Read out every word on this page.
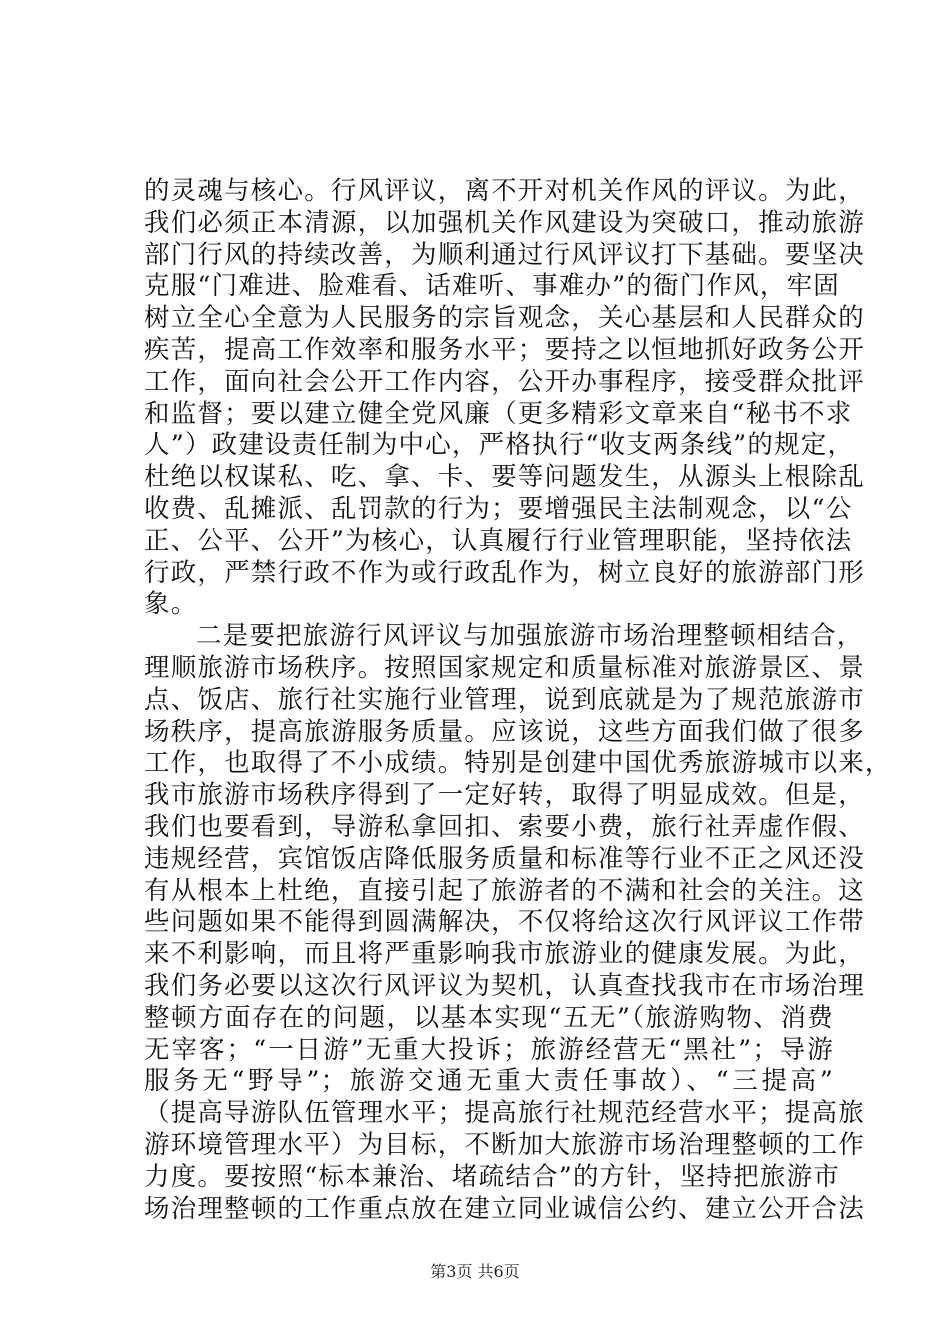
的灵魂与核心。行风评议，离不开对机关作风的评议。为此，
我们必须正本清源，以加强机关作风建设为突破口，推动旅游
部门行风的持续改善，为顺利通过行风评议打下基础。要坚决
克服“门难进、脸难看、话难听、事难办”的衙门作风，牢固
树立全心全意为人民服务的宗旨观念，关心基层和人民群众的
疾苦，提高工作效率和服务水平；要持之以恒地抓好政务公开
工作，面向社会公开工作内容，公开办事程序，接受群众批评
和监督；要以建立健全党风廉（更多精彩文章来自“秘书不求
人”）政建设责任制为中心，严格执行“收支两条线”的规定，
杜绝以权谋私、吃、拿、卡、要等问题发生，从源头上根除乱
收费、乱摊派、乱罚款的行为；要增强民主法制观念，以“公
正、公平、公开”为核心，认真履行行业管理职能，坚持依法
行政，严禁行政不作为或行政乱作为，树立良好的旅游部门形
象。
二是要把旅游行风评议与加强旅游市场治理整顿相结合，
理顺旅游市场秩序。按照国家规定和质量标准对旅游景区、景
点、饭店、旅行社实施行业管理，说到底就是为了规范旅游市
场秩序，提高旅游服务质量。应该说，这些方面我们做了很多
工作，也取得了不小成绩。特别是创建中国优秀旅游城市以来，
我市旅游市场秩序得到了一定好转，取得了明显成效。但是，
我们也要看到，导游私拿回扣、索要小费，旅行社弄虚作假、
违规经营，宾馆饭店降低服务质量和标准等行业不正之风还没
有从根本上杜绝，直接引起了旅游者的不满和社会的关注。这
些问题如果不能得到圆满解决，不仅将给这次行风评议工作带
来不利影响，而且将严重影响我市旅游业的健康发展。为此，
我们务必要以这次行风评议为契机，认真查找我市在市场治理
整顿方面存在的问题，以基本实现“五无”（旅游购物、消费
无宰客；“一日游”无重大投诉；旅游经营无“黑社”；导游
服务无“野导”；旅游交通无重大责任事故）、“三提高”
（提高导游队伍管理水平；提高旅行社规范经营水平；提高旅
游环境管理水平）为目标，不断加大旅游市场治理整顿的工作
力度。要按照“标本兼治、堵疏结合”的方针，坚持把旅游市
场治理整顿的工作重点放在建立同业诚信公约、建立公开合法
第3页 共6页
